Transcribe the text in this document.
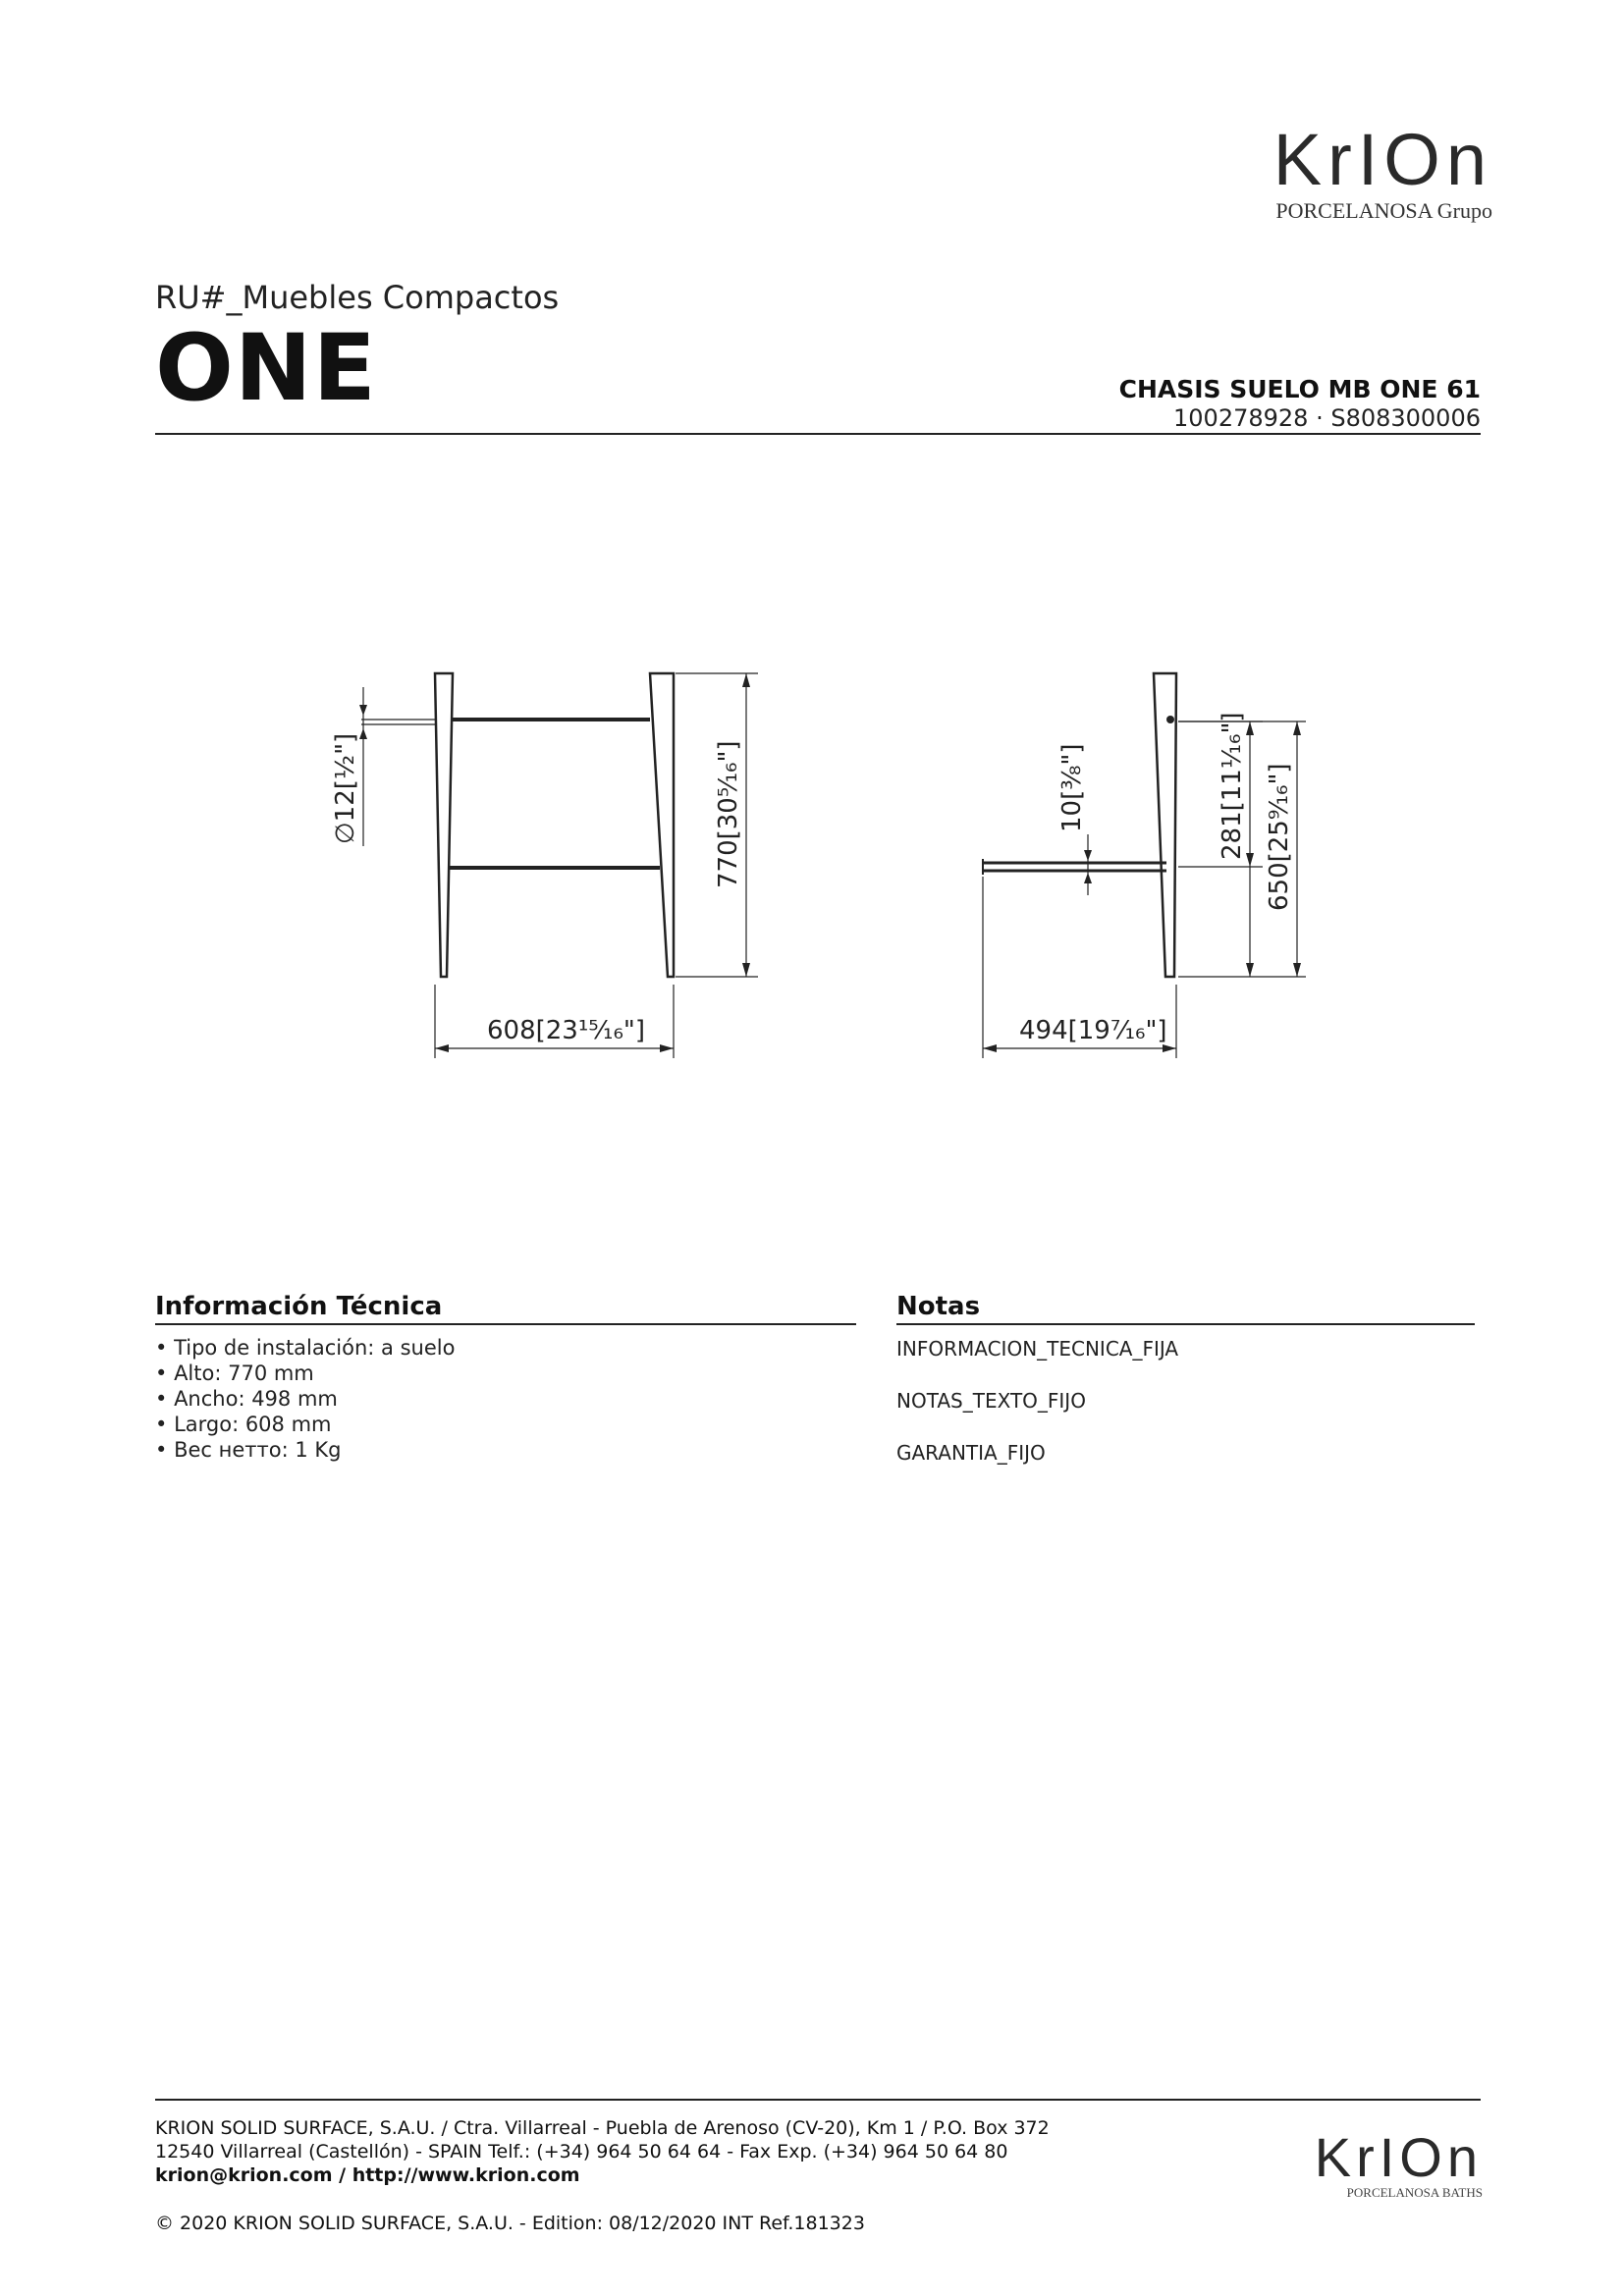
KrIOn
PORCELANOSA Grupo
RU#_Muebles Compactos
ONE	CHASIS SUELO MB ONE 61
100278928 · S808300006
∅12[½"]	770[30⁵⁄₁₆"]
608[23¹⁵⁄₁₆"]
10[⅜"]	281[11¹⁄₁₆"] 650[25⁹⁄₁₆"]
494[19⁷⁄₁₆"]
Información Técnica
• Tipo de instalación: a suelo
• Alto: 770 mm
• Ancho: 498 mm
• Largo: 608 mm
• Вес нетто: 1 Kg
Notas
INFORMACION_TECNICA_FIJA
NOTAS_TEXTO_FIJO
GARANTIA_FIJO
KRION SOLID SURFACE, S.A.U. / Ctra. Villarreal - Puebla de Arenoso (CV-20), Km 1 / P.O. Box 372
12540 Villarreal (Castellón) - SPAIN Telf.: (+34) 964 50 64 64 - Fax Exp. (+34) 964 50 64 80
krion@krion.com / http://www.krion.com
© 2020 KRION SOLID SURFACE, S.A.U. - Edition: 08/12/2020 INT Ref.181323
KrIOn
PORCELANOSA BATHS
